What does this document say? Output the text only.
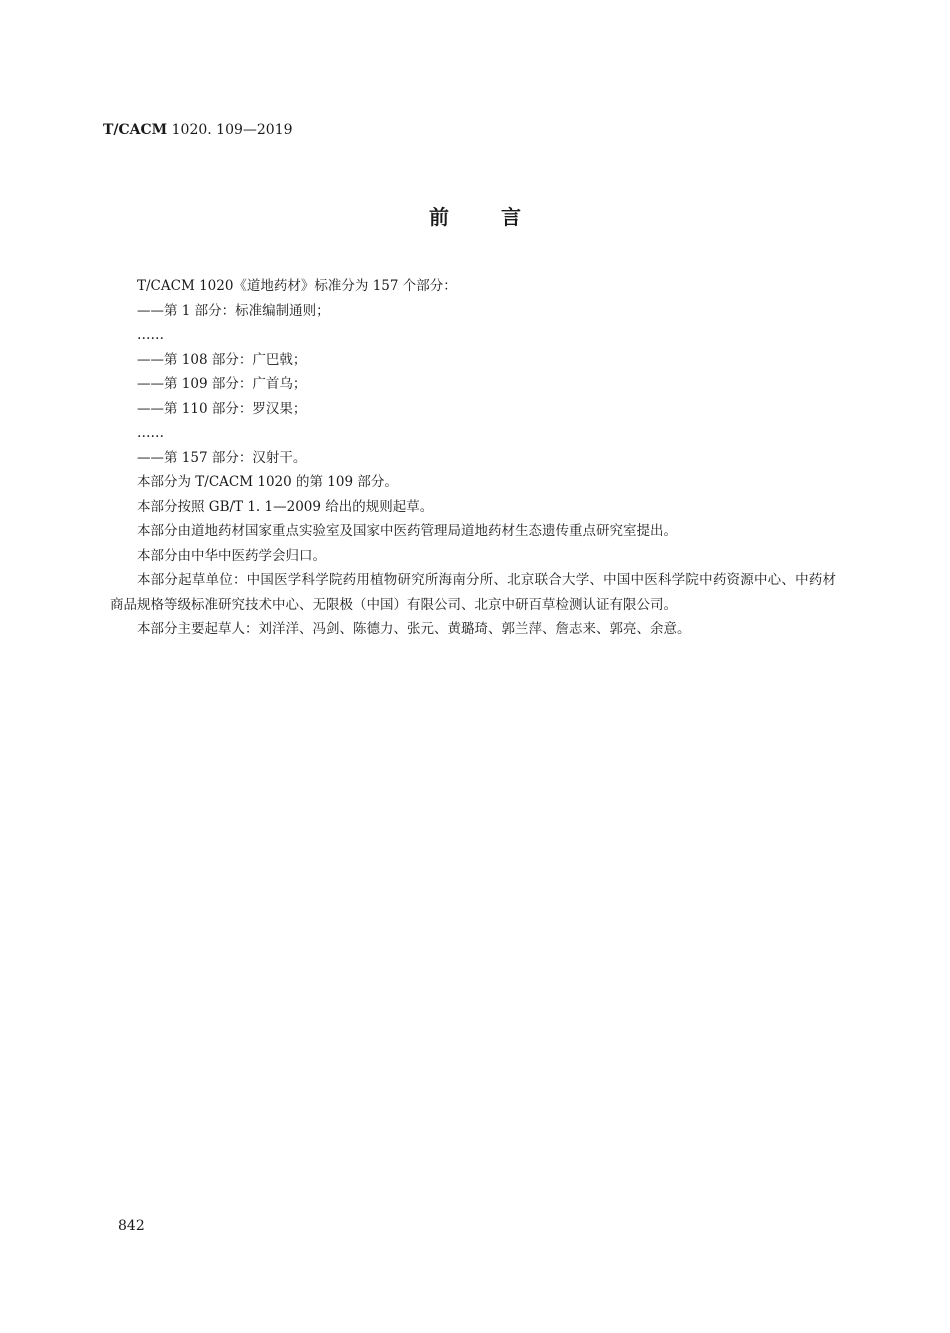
T/CACM 1020. 109—2019
前言

T/CACM 1020《道地药材》标准分为 157 个部分：

——第 1 部分：标准编制通则；

……

——第 108 部分：广巴戟；

——第 109 部分：广首乌；

——第 110 部分：罗汉果；

……

——第 157 部分：汉射干。

本部分为 T/CACM 1020 的第 109 部分。

本部分按照 GB/T 1. 1—2009 给出的规则起草。

本部分由道地药材国家重点实验室及国家中医药管理局道地药材生态遗传重点研究室提出。

本部分由中华中医药学会归口。

本部分起草单位：中国医学科学院药用植物研究所海南分所、北京联合大学、中国中医科学院中药资源中心、中药材商品规格等级标准研究技术中心、无限极（中国）有限公司、北京中研百草检测认证有限公司。

本部分主要起草人：刘洋洋、冯剑、陈德力、张元、黄璐琦、郭兰萍、詹志来、郭亮、余意。

842
